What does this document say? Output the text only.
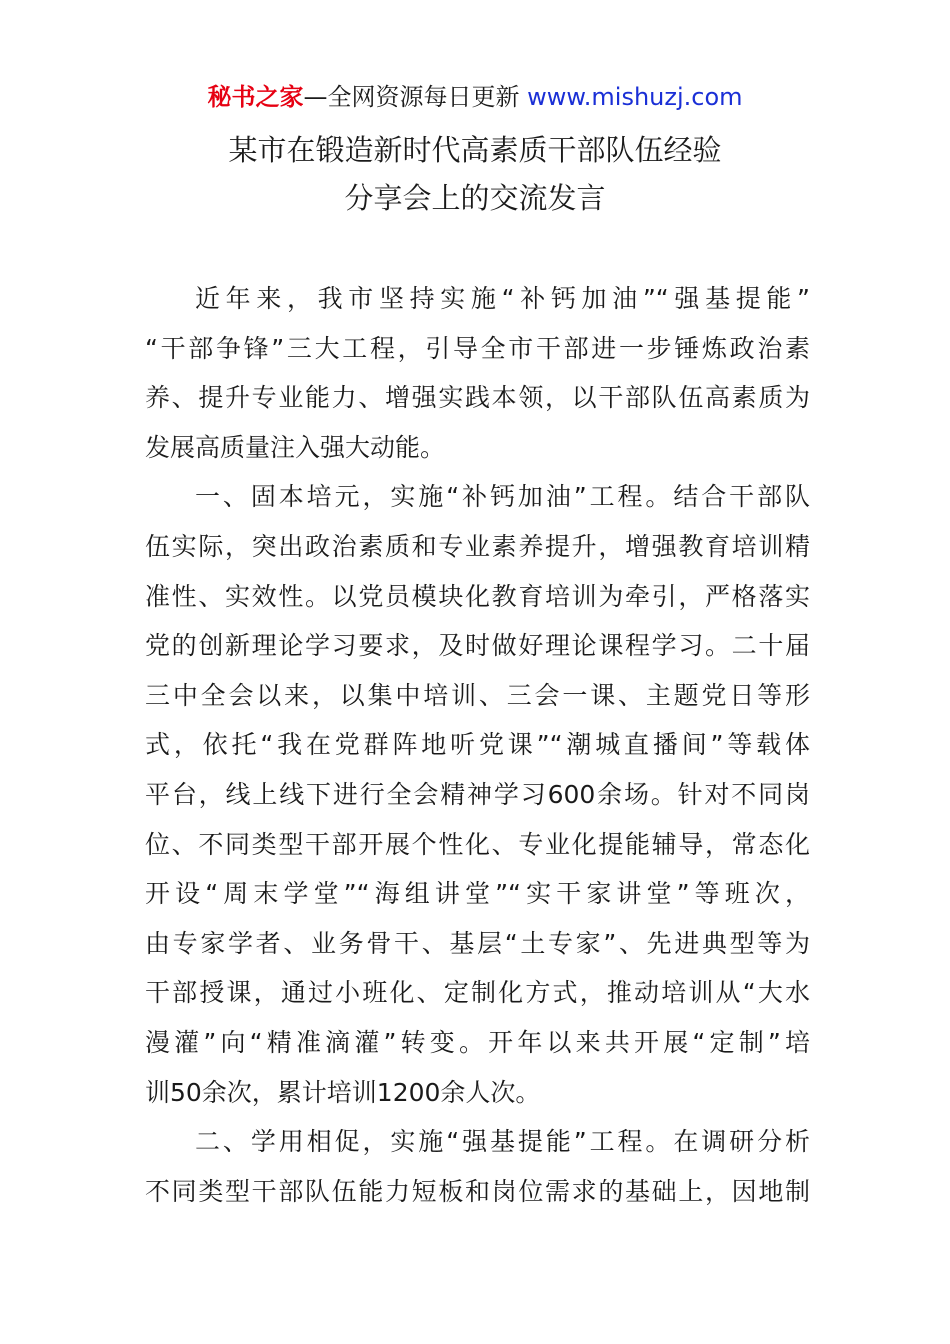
秘书之家—全网资源每日更新 www.mishuzj.com
某市在锻造新时代高素质干部队伍经验
分享会上的交流发言
近年来，我市坚持实施“补钙加油”“强基提能”
“干部争锋”三大工程，引导全市干部进一步锤炼政治素
养、提升专业能力、增强实践本领，以干部队伍高素质为
发展高质量注入强大动能。
一、固本培元，实施“补钙加油”工程。结合干部队
伍实际，突出政治素质和专业素养提升，增强教育培训精
准性、实效性。以党员模块化教育培训为牵引，严格落实
党的创新理论学习要求，及时做好理论课程学习。二十届
三中全会以来，以集中培训、三会一课、主题党日等形
式，依托“我在党群阵地听党课”“潮城直播间”等载体
平台，线上线下进行全会精神学习600余场。针对不同岗
位、不同类型干部开展个性化、专业化提能辅导，常态化
开设“周末学堂”“海组讲堂”“实干家讲堂”等班次，
由专家学者、业务骨干、基层“土专家”、先进典型等为
干部授课，通过小班化、定制化方式，推动培训从“大水
漫灌”向“精准滴灌”转变。开年以来共开展“定制”培
训50余次，累计培训1200余人次。
二、学用相促，实施“强基提能”工程。在调研分析
不同类型干部队伍能力短板和岗位需求的基础上，因地制
